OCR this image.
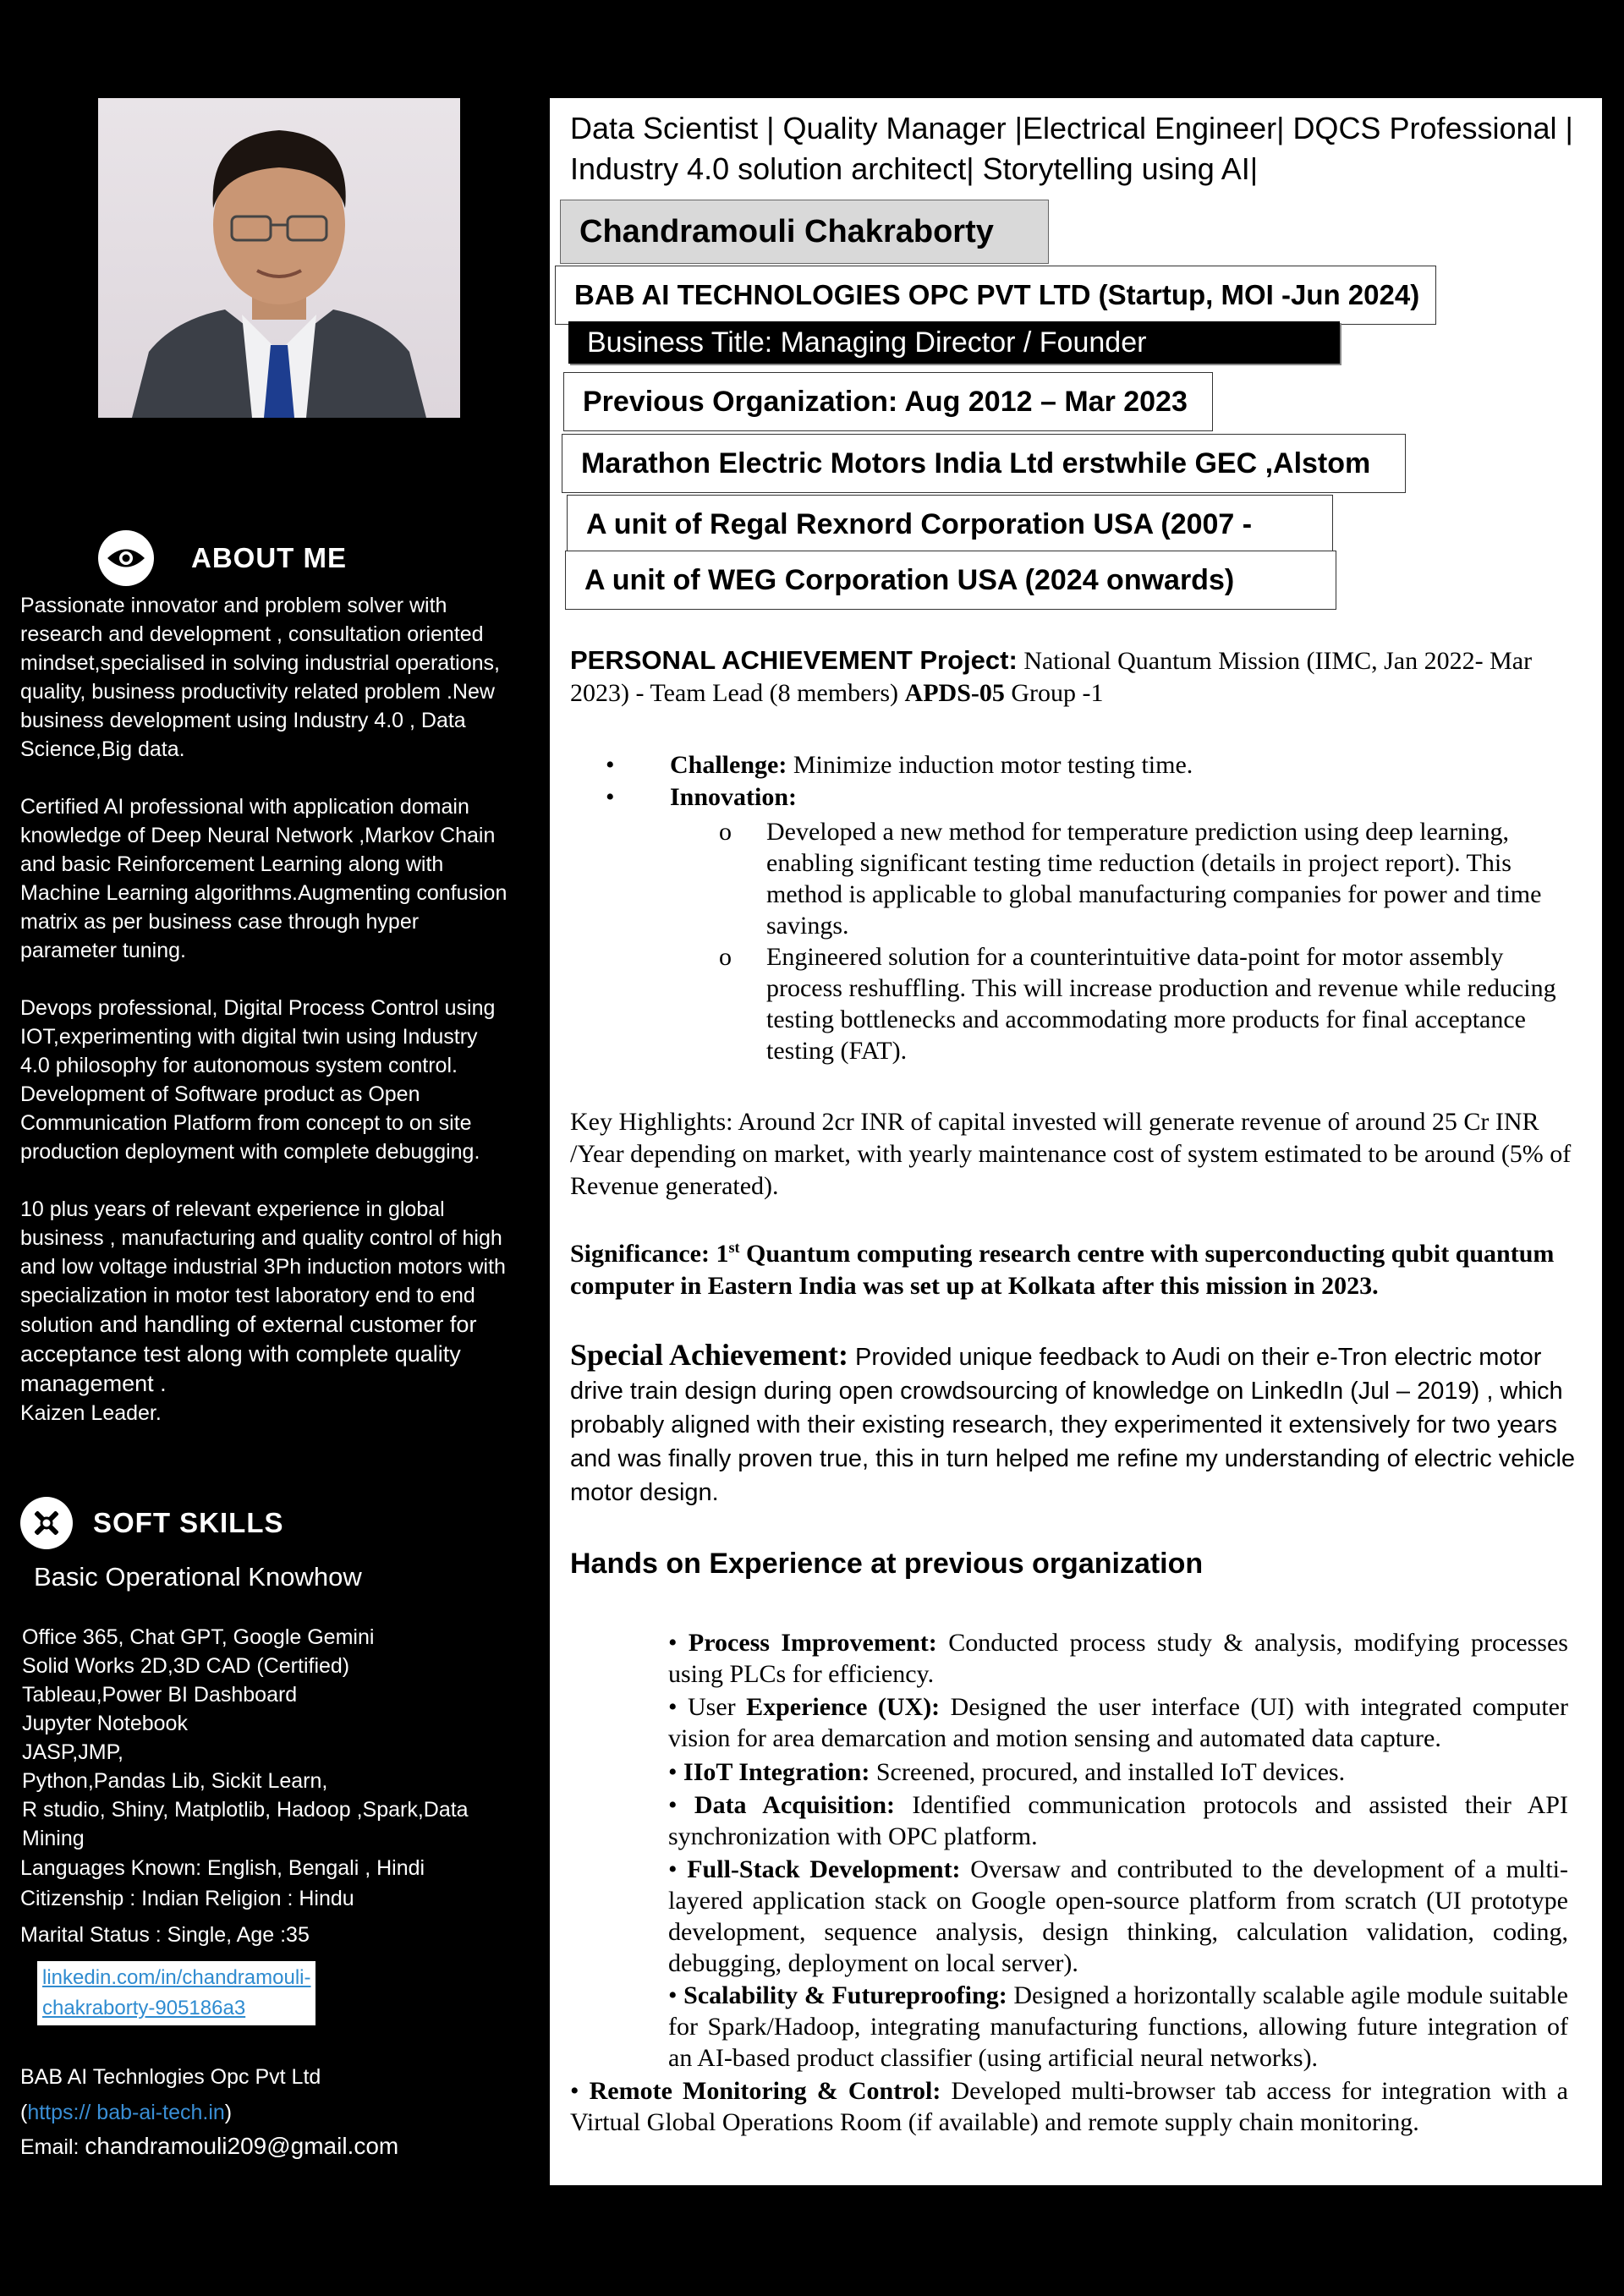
ABOUT ME

Passionate innovator and problem solver with research and development , consultation oriented mindset,specialised in solving industrial operations, quality, business productivity related problem .New business development using Industry 4.0 , Data Science,Big data.

Certified AI professional with application domain knowledge of Deep Neural Network ,Markov Chain and basic Reinforcement Learning along with Machine Learning algorithms.Augmenting confusion matrix as per business case through hyper parameter tuning.

Devops professional, Digital Process Control using IOT,experimenting with digital twin using Industry 4.0 philosophy for autonomous system control. Development of Software product as Open Communication Platform from concept to on site production deployment with complete debugging.

10 plus years of relevant experience in global business , manufacturing and quality control of high and low voltage industrial 3Ph induction motors with specialization in motor test laboratory end to end solution and handling of external customer for acceptance test along with complete quality management .

Kaizen Leader.
SOFT SKILLS
Basic Operational Knowhow
Office 365, Chat GPT, Google Gemini
Solid Works 2D,3D CAD (Certified)
Tableau,Power BI Dashboard
Jupyter Notebook
JASP,JMP,
Python,Pandas Lib, Sickit Learn,
R studio, Shiny, Matplotlib, Hadoop ,Spark,Data Mining
Languages Known: English, Bengali , Hindi
Citizenship : Indian Religion : Hindu
Marital Status : Single, Age :35
linkedin.com/in/chandramouli-
chakraborty-905186a3
BAB AI Technlogies Opc Pvt Ltd
(https:// bab-ai-tech.in)
Email: chandramouli209@gmail.com
Data Scientist | Quality Manager |Electrical Engineer| DQCS Professional |
Industry 4.0 solution architect| Storytelling using AI|
Chandramouli Chakraborty
BAB AI TECHNOLOGIES OPC PVT LTD (Startup, MOI -Jun 2024)
Business Title: Managing Director / Founder
Previous Organization: Aug 2012 – Mar 2023
Marathon Electric Motors India Ltd erstwhile GEC ,Alstom
A unit of Regal Rexnord Corporation USA (2007 -
A unit of WEG Corporation USA (2024 onwards)
PERSONAL ACHIEVEMENT Project: National Quantum Mission (IIMC, Jan 2022- Mar 2023) - Team Lead (8 members) APDS-05 Group -1
• Challenge: Minimize induction motor testing time.
• Innovation:
o Developed a new method for temperature prediction using deep learning, enabling significant testing time reduction (details in project report). This method is applicable to global manufacturing companies for power and time savings.
o Engineered solution for a counterintuitive data-point for motor assembly process reshuffling. This will increase production and revenue while reducing testing bottlenecks and accommodating more products for final acceptance testing (FAT).
Key Highlights: Around 2cr INR of capital invested will generate revenue of around 25 Cr INR /Year depending on market, with yearly maintenance cost of system estimated to be around (5% of Revenue generated).
Significance: 1st Quantum computing research centre with superconducting qubit quantum computer in Eastern India was set up at Kolkata after this mission in 2023.
Special Achievement: Provided unique feedback to Audi on their e-Tron electric motor drive train design during open crowdsourcing of knowledge on LinkedIn (Jul – 2019) , which probably aligned with their existing research, they experimented it extensively for two years and was finally proven true, this in turn helped me refine my understanding of electric vehicle motor design.
Hands on Experience at previous organization
• Process Improvement: Conducted process study & analysis, modifying processes using PLCs for efficiency.
• User Experience (UX): Designed the user interface (UI) with integrated computer vision for area demarcation and motion sensing and automated data capture.
• IIoT Integration: Screened, procured, and installed IoT devices.
• Data Acquisition: Identified communication protocols and assisted their API synchronization with OPC platform.
• Full-Stack Development: Oversaw and contributed to the development of a multi-layered application stack on Google open-source platform from scratch (UI prototype development, sequence analysis, design thinking, calculation validation, coding, debugging, deployment on local server).
• Scalability & Futureproofing: Designed a horizontally scalable agile module suitable for Spark/Hadoop, integrating manufacturing functions, allowing future integration of an AI-based product classifier (using artificial neural networks).
• Remote Monitoring & Control: Developed multi-browser tab access for integration with a Virtual Global Operations Room (if available) and remote supply chain monitoring.
